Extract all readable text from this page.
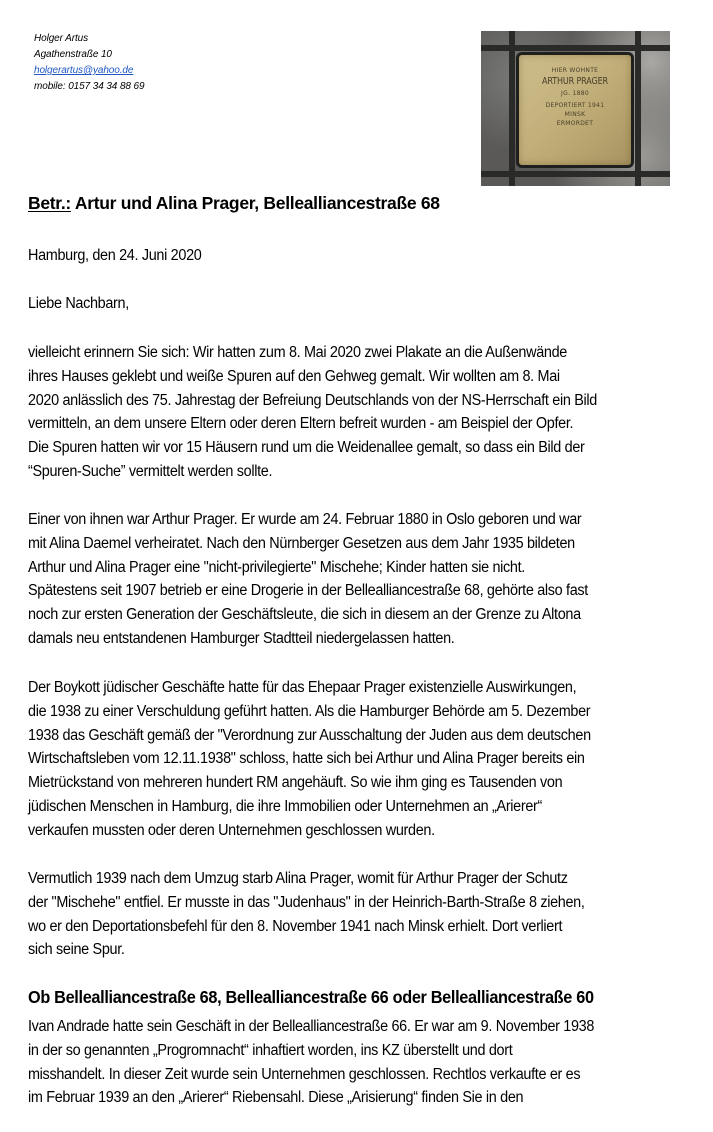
Holger Artus
Agathenstraße 10
holgerartus@yahoo.de
mobile: 0157 34 34 88 69
HIER WOHNTE
ARTHUR PRAGER
JG. 1880
DEPORTIERT 1941
MINSK
ERMORDET
Betr.: Artur und Alina Prager, Bellealliancestraße 68
Hamburg, den 24. Juni 2020
Liebe Nachbarn,
vielleicht erinnern Sie sich: Wir hatten zum 8. Mai 2020 zwei Plakate an die Außenwände
ihres Hauses geklebt und weiße Spuren auf den Gehweg gemalt. Wir wollten am 8. Mai
2020 anlässlich des 75. Jahrestag der Befreiung Deutschlands von der NS-Herrschaft ein Bild
vermitteln, an dem unsere Eltern oder deren Eltern befreit wurden - am Beispiel der Opfer.
Die Spuren hatten wir vor 15 Häusern rund um die Weidenallee gemalt, so dass ein Bild der
“Spuren-Suche” vermittelt werden sollte.
Einer von ihnen war Arthur Prager. Er wurde am 24. Februar 1880 in Oslo geboren und war
mit Alina Daemel verheiratet. Nach den Nürnberger Gesetzen aus dem Jahr 1935 bildeten
Arthur und Alina Prager eine "nicht-privilegierte" Mischehe; Kinder hatten sie nicht.
Spätestens seit 1907 betrieb er eine Drogerie in der Bellealliancestraße 68, gehörte also fast
noch zur ersten Generation der Geschäftsleute, die sich in diesem an der Grenze zu Altona
damals neu entstandenen Hamburger Stadtteil niedergelassen hatten.
Der Boykott jüdischer Geschäfte hatte für das Ehepaar Prager existenzielle Auswirkungen,
die 1938 zu einer Verschuldung geführt hatten. Als die Hamburger Behörde am 5. Dezember
1938 das Geschäft gemäß der "Verordnung zur Ausschaltung der Juden aus dem deutschen
Wirtschaftsleben vom 12.11.1938" schloss, hatte sich bei Arthur und Alina Prager bereits ein
Mietrückstand von mehreren hundert RM angehäuft. So wie ihm ging es Tausenden von
jüdischen Menschen in Hamburg, die ihre Immobilien oder Unternehmen an „Arierer“
verkaufen mussten oder deren Unternehmen geschlossen wurden.
Vermutlich 1939 nach dem Umzug starb Alina Prager, womit für Arthur Prager der Schutz
der "Mischehe" entfiel. Er musste in das "Judenhaus" in der Heinrich-Barth-Straße 8 ziehen,
wo er den Deportationsbefehl für den 8. November 1941 nach Minsk erhielt. Dort verliert
sich seine Spur.
Ob Bellealliancestraße 68, Bellealliancestraße 66 oder Bellealliancestraße 60
Ivan Andrade hatte sein Geschäft in der Bellealliancestraße 66. Er war am 9. November 1938
in der so genannten „Progromnacht“ inhaftiert worden, ins KZ überstellt und dort
misshandelt. In dieser Zeit wurde sein Unternehmen geschlossen. Rechtlos verkaufte er es
im Februar 1939 an den „Arierer“ Riebensahl. Diese „Arisierung“ finden Sie in den
